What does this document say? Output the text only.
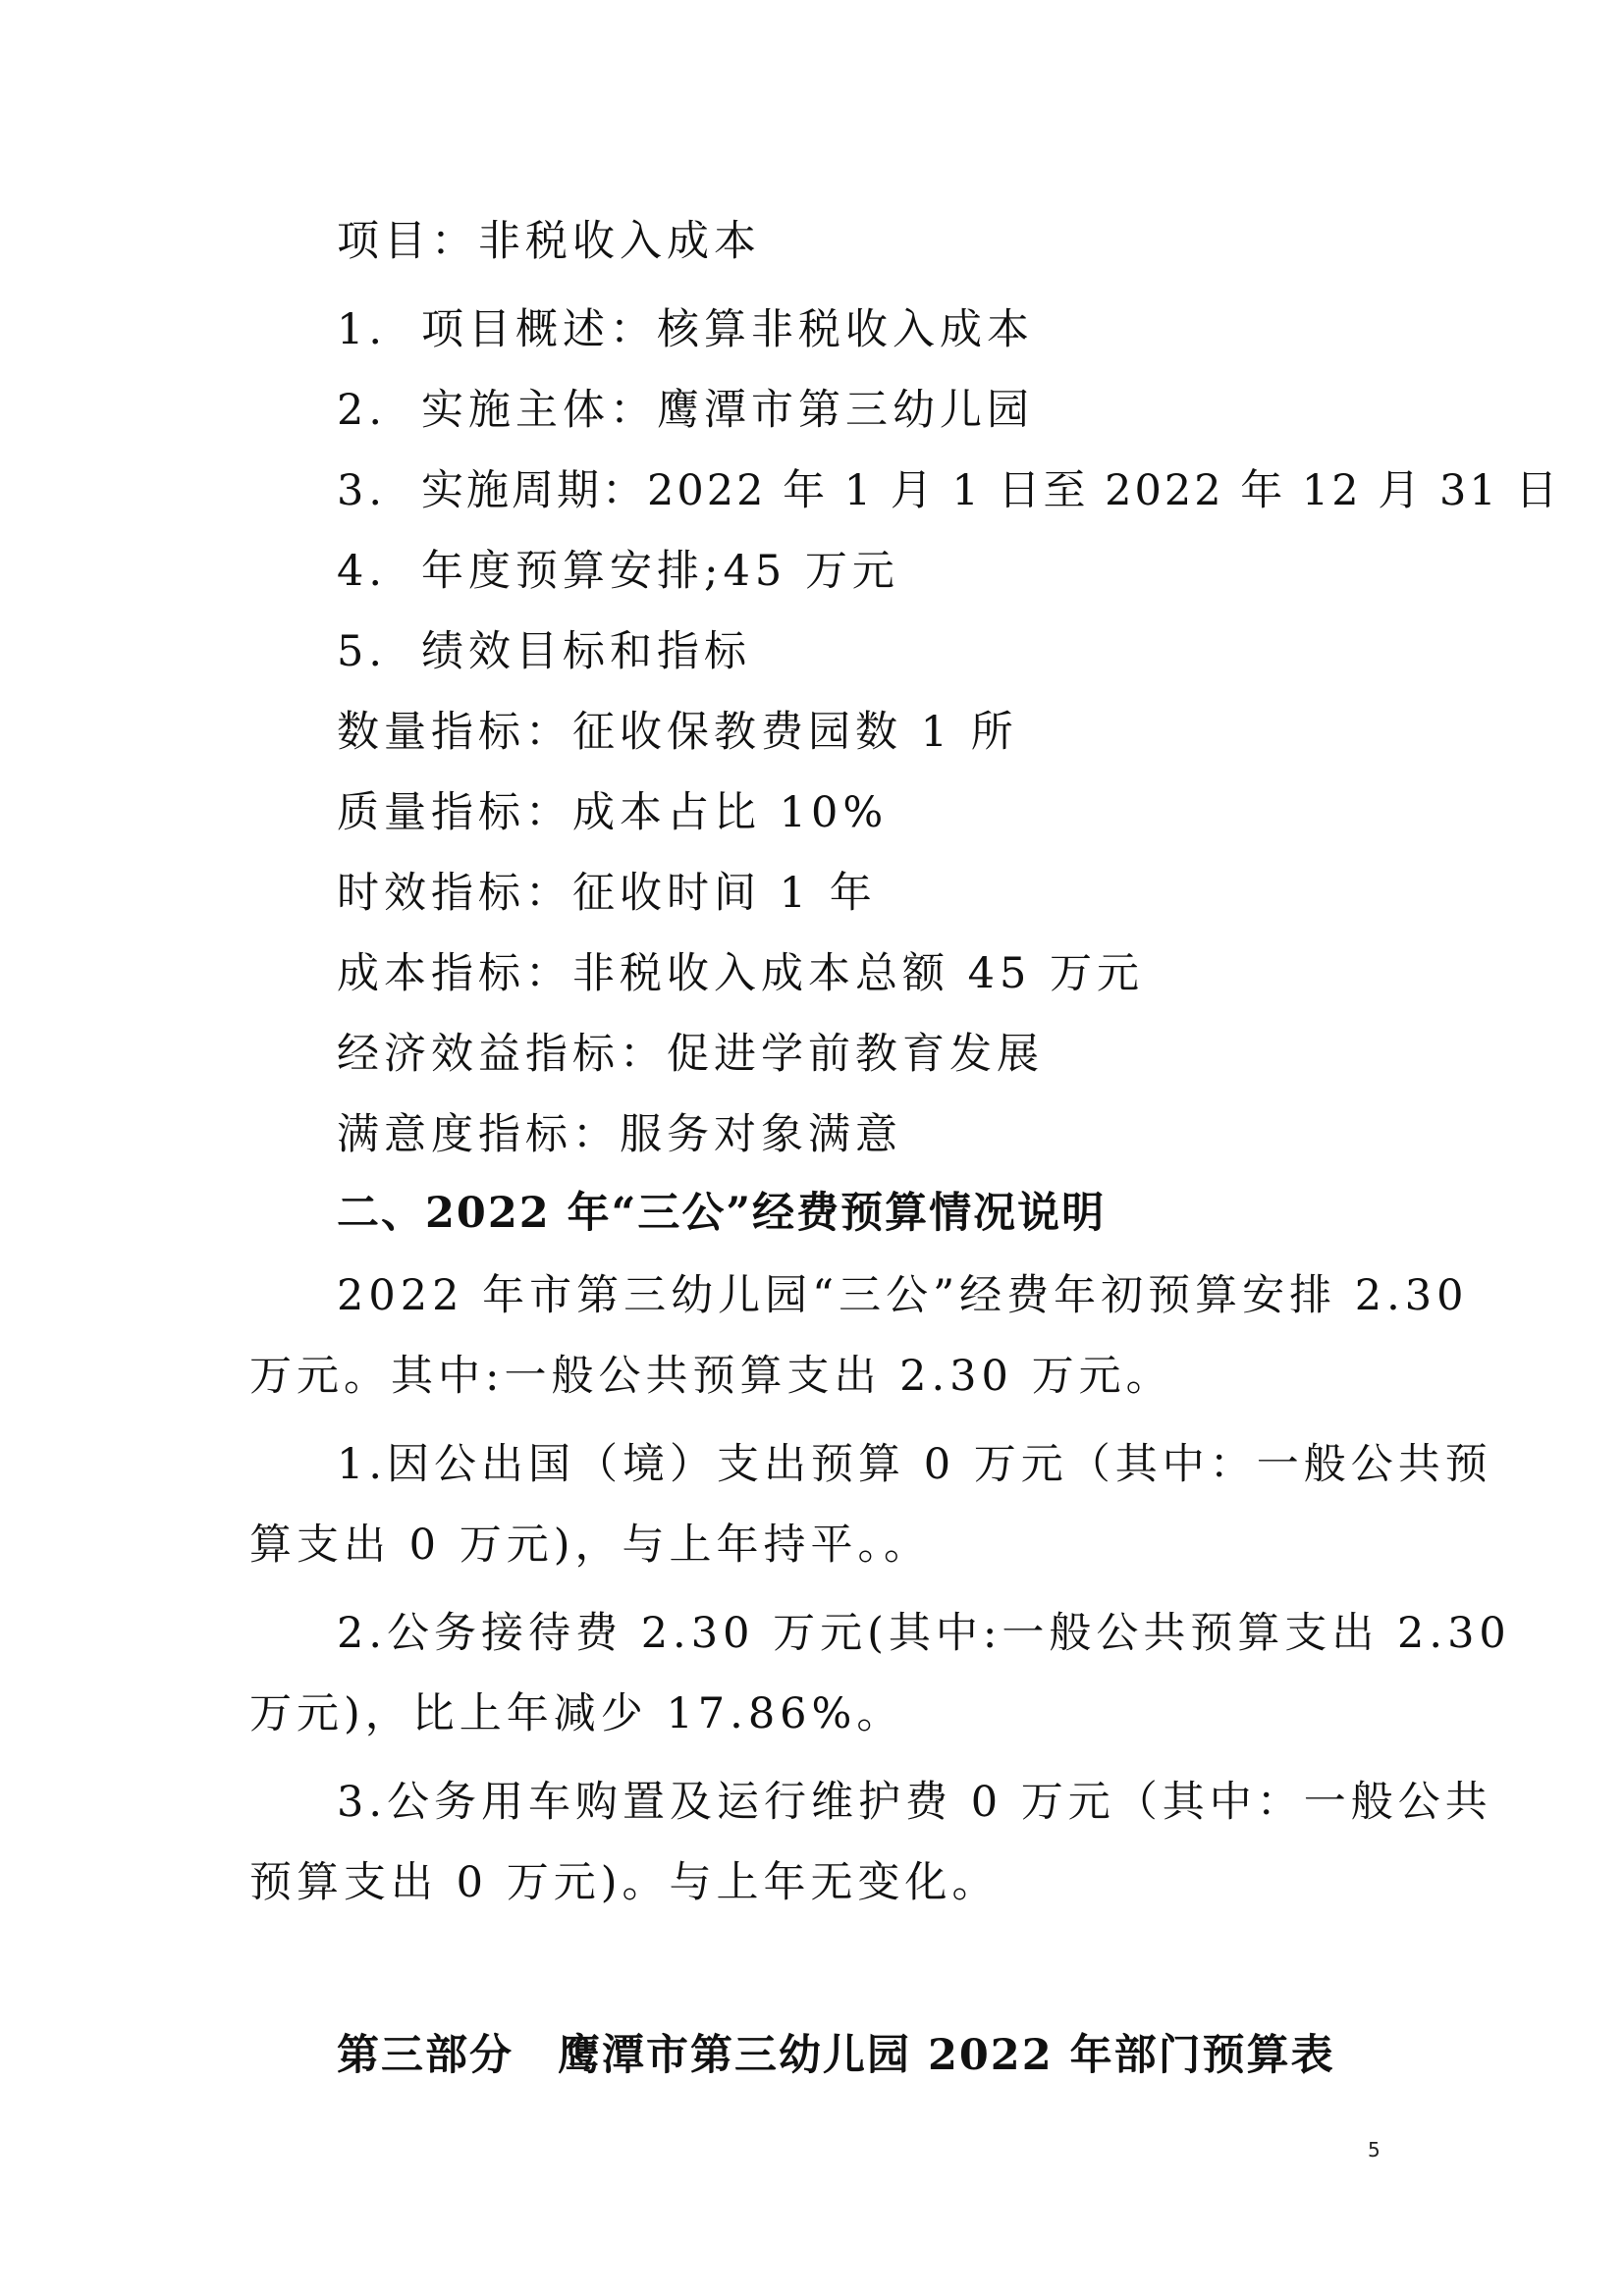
项目：非税收入成本
1. 项目概述：核算非税收入成本
2. 实施主体：鹰潭市第三幼儿园
3. 实施周期：2022 年 1 月 1 日至 2022 年 12 月 31 日
4. 年度预算安排;45 万元
5. 绩效目标和指标
数量指标：征收保教费园数 1 所
质量指标：成本占比 10%
时效指标：征收时间 1 年
成本指标：非税收入成本总额 45 万元
经济效益指标：促进学前教育发展
满意度指标：服务对象满意
二、2022 年“三公”经费预算情况说明
2022 年市第三幼儿园“三公”经费年初预算安排 2.30
万元。其中:一般公共预算支出 2.30 万元。
1.因公出国（境）支出预算 0 万元（其中：一般公共预
算支出 0 万元)，与上年持平。。
2.公务接待费 2.30 万元(其中:一般公共预算支出 2.30
万元)，比上年减少 17.86%。
3.公务用车购置及运行维护费 0 万元（其中：一般公共
预算支出 0 万元)。与上年无变化。
第三部分　鹰潭市第三幼儿园 2022 年部门预算表
5
